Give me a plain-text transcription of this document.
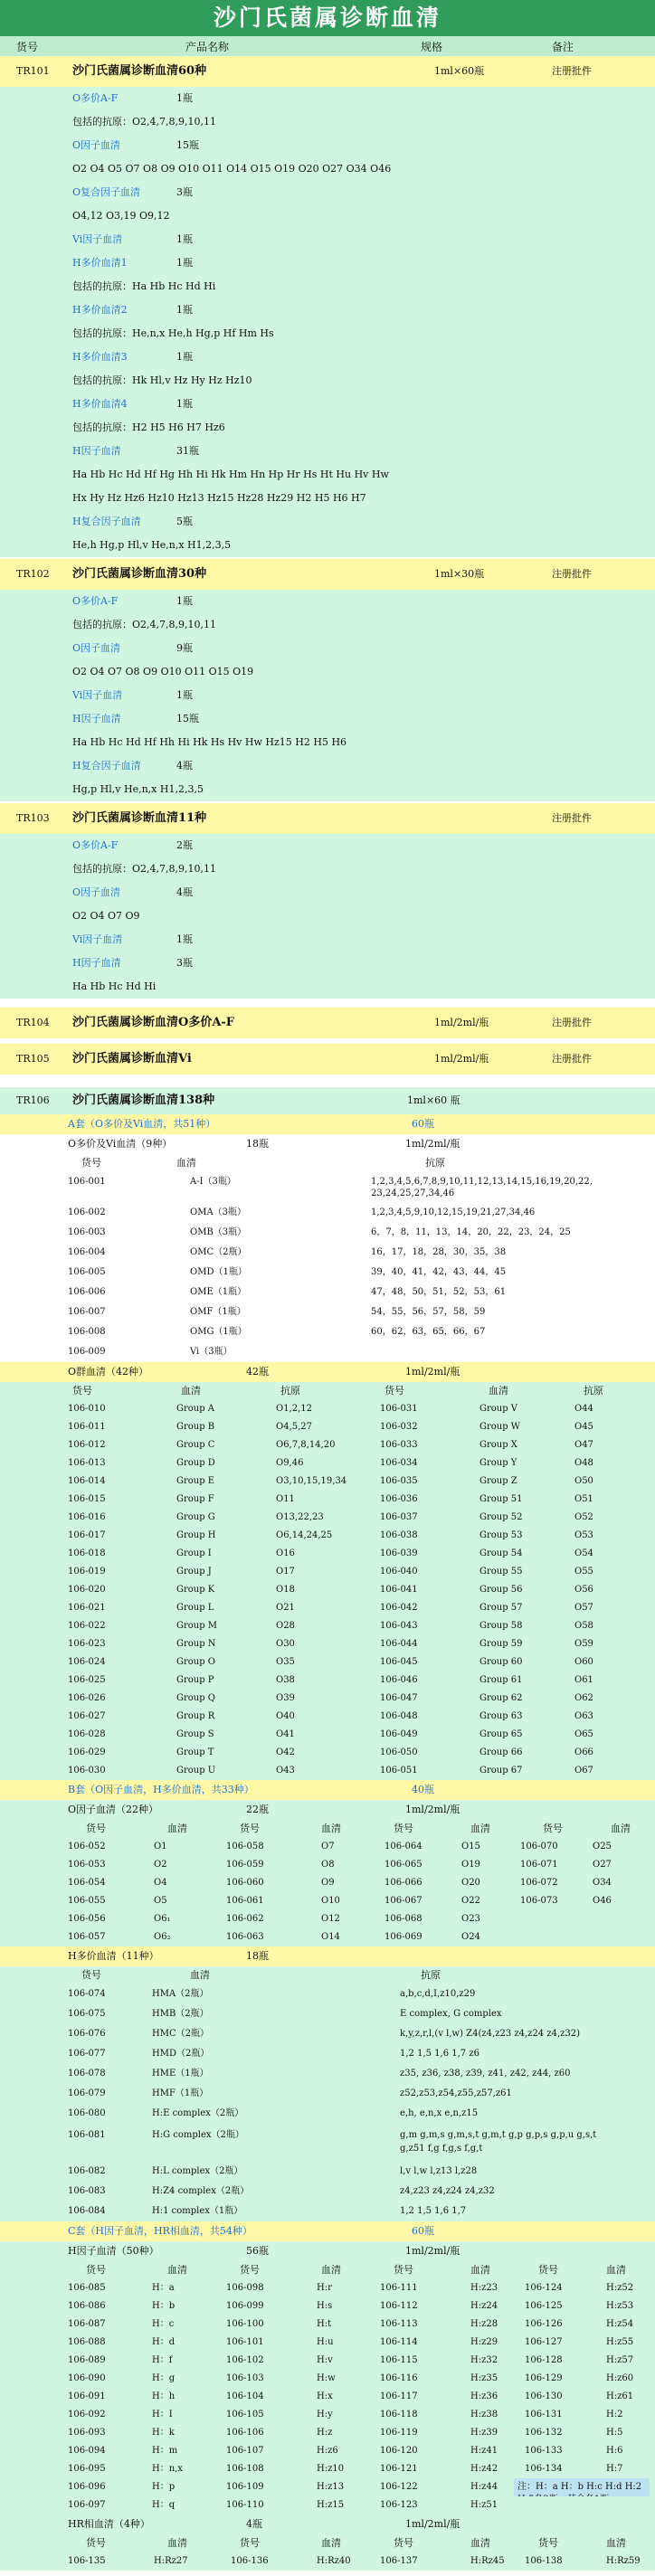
沙门氏菌属诊断血清
货号	产品名称	规格	备注
TR101 沙门氏菌属诊断血清60种	1ml×60瓶	注册批件
O多价A-F	1瓶
包括的抗原：O2,4,7,8,9,10,11
O因子血清	15瓶
O2 O4 O5 O7 O8 O9 O10 O11 O14 O15 O19 O20 O27 O34 O46
O复合因子血清	3瓶
O4,12 O3,19 O9,12
Vi因子血清	1瓶
H多价血清1	1瓶
包括的抗原：Ha Hb Hc Hd Hi
H多价血清2	1瓶
包括的抗原：He,n,x He,h Hg,p Hf Hm Hs
H多价血清3	1瓶
包括的抗原：Hk Hl,v Hz Hy Hz Hz10
H多价血清4	1瓶
包括的抗原：H2 H5 H6 H7 Hz6
H因子血清	31瓶
Ha Hb Hc Hd Hf Hg Hh Hi Hk Hm Hn Hp Hr Hs Ht Hu Hv Hw
Hx Hy Hz Hz6 Hz10 Hz13 Hz15 Hz28 Hz29 H2 H5 H6 H7
H复合因子血清	5瓶
He,h Hg,p Hl,v He,n,x H1,2,3,5
TR102 沙门氏菌属诊断血清30种	1ml×30瓶	注册批件
O多价A-F	1瓶
包括的抗原：O2,4,7,8,9,10,11
O因子血清	9瓶
O2 O4 O7 O8 O9 O10 O11 O15 O19
Vi因子血清	1瓶
H因子血清	15瓶
Ha Hb Hc Hd Hf Hh Hi Hk Hs Hv Hw Hz15 H2 H5 H6
H复合因子血清	4瓶
Hg,p Hl,v He,n,x H1,2,3,5
TR103 沙门氏菌属诊断血清11种	注册批件
O多价A-F	2瓶
包括的抗原：O2,4,7,8,9,10,11
O因子血清	4瓶
O2 O4 O7 O9
Vi因子血清	1瓶
H因子血清	3瓶
Ha Hb Hc Hd Hi
TR104 沙门氏菌属诊断血清O多价A-F	1ml/2ml/瓶	注册批件
TR105 沙门氏菌属诊断血清Vi	1ml/2ml/瓶	注册批件
TR106 沙门氏菌属诊断血清138种	1ml×60 瓶
A套（O多价及Vi血清，共51种）	60瓶
O多价及Vi血清（9种）	18瓶	1ml/2ml/瓶
货号	血清	抗原
106-001	A-I（3瓶）	1,2,3,4,5,6,7,8,9,10,11,12,13,14,15,16,19,20,22,
23,24,25,27,34,46
106-002	OMA（3瓶）	1,2,3,4,5,9,10,12,15,19,21,27,34,46
106-003	OMB（3瓶）	6，7，8，11，13，14，20，22，23，24，25
106-004	OMC（2瓶）	16，17，18，28，30，35，38
106-005	OMD（1瓶）	39，40，41，42，43，44，45
106-006	OME（1瓶）	47，48，50，51，52，53，61
106-007	OMF（1瓶）	54，55，56，57，58，59
106-008	OMG（1瓶）	60，62，63，65，66，67
106-009	Vi（3瓶）
O群血清（42种）	42瓶	1ml/2ml/瓶
货号	血清	抗原	货号	血清	抗原
106-010	Group A	O1,2,12	106-031	Group V	O44
106-011	Group B	O4,5,27	106-032	Group W	O45
106-012	Group C	O6,7,8,14,20	106-033	Group X	O47
106-013	Group D	O9,46	106-034	Group Y	O48
106-014	Group E	O3,10,15,19,34	106-035	Group Z	O50
106-015	Group F	O11	106-036	Group 51	O51
106-016	Group G	O13,22,23	106-037	Group 52	O52
106-017	Group H	O6,14,24,25	106-038	Group 53	O53
106-018	Group I	O16	106-039	Group 54	O54
106-019	Group J	O17	106-040	Group 55	O55
106-020	Group K	O18	106-041	Group 56	O56
106-021	Group L	O21	106-042	Group 57	O57
106-022	Group M	O28	106-043	Group 58	O58
106-023	Group N	O30	106-044	Group 59	O59
106-024	Group O	O35	106-045	Group 60	O60
106-025	Group P	O38	106-046	Group 61	O61
106-026	Group Q	O39	106-047	Group 62	O62
106-027	Group R	O40	106-048	Group 63	O63
106-028	Group S	O41	106-049	Group 65	O65
106-029	Group T	O42	106-050	Group 66	O66
106-030	Group U	O43	106-051	Group 67	O67
B套（O因子血清，H多价血清，共33种）	40瓶
O因子血清（22种）	22瓶	1ml/2ml/瓶
货号	血清	货号	血清	货号	血清	货号	血清
106-052	O1	106-058	O7	106-064	O15	106-070	O25
106-053	O2	106-059	O8	106-065	O19	106-071	O27
106-054	O4	106-060	O9	106-066	O20	106-072	O34
106-055	O5	106-061	O10	106-067	O22	106-073	O46
106-056	O6₁	106-062	O12	106-068	O23
106-057	O6₂	106-063	O14	106-069	O24
H多价血清（11种）	18瓶
货号	血清	抗原
106-074	HMA（2瓶）	a,b,c,d,I,z10,z29
106-075	HMB（2瓶）	E complex, G complex
106-076	HMC（2瓶）	k,y,z,r,l,(v l,w) Z4(z4,z23 z4,z24 z4,z32)
106-077	HMD（2瓶）	1,2 1,5 1,6 1,7 z6
106-078	HME（1瓶）	z35, z36, z38, z39, z41, z42, z44, z60
106-079	HMF（1瓶）	z52,z53,z54,z55,z57,z61
106-080	H:E complex（2瓶）	e,h, e,n,x e,n,z15
106-081	H:G complex（2瓶）	g,m g,m,s g,m,s,t g,m,t g,p g,p,s g,p,u g,s,t
g,z51 f,g f,g,s f,g,t
106-082	H:L complex（2瓶）	l,v l,w l,z13 l,z28
106-083	H:Z4 complex（2瓶）	z4,z23 z4,z24 z4,z32
106-084	H:1 complex（1瓶）	1,2 1,5 1,6 1,7
C套（H因子血清，HR相血清，共54种）	60瓶
H因子血清（50种）	56瓶	1ml/2ml/瓶
货号	血清	货号	血清	货号	血清	货号	血清
106-085	H：a	106-098	H:r	106-111	H:z23	106-124	H:z52
106-086	H：b	106-099	H:s	106-112	H:z24	106-125	H:z53
106-087	H：c	106-100	H:t	106-113	H:z28	106-126	H:z54
106-088	H：d	106-101	H:u	106-114	H:z29	106-127	H:z55
106-089	H：f	106-102	H:v	106-115	H:z32	106-128	H:z57
106-090	H：g	106-103	H:w	106-116	H:z35	106-129	H:z60
106-091	H：h	106-104	H:x	106-117	H:z36	106-130	H:z61
106-092	H：I	106-105	H:y	106-118	H:z38	106-131	H:2
106-093	H：k	106-106	H:z	106-119	H:z39	106-132	H:5
106-094	H：m	106-107	H:z6	106-120	H:z41	106-133	H:6
106-095	H：n,x	106-108	H:z10	106-121	H:z42	106-134	H:7
106-096	H：p	106-109	H:z13	106-122	H:z44	注：H：a H：b H:c H:d H:2
106-097	H：q	106-110	H:z15	106-123	H:z51
HR相血清（4种）	4瓶	1ml/2ml/瓶
货号	血清	货号	血清	货号	血清	货号	血清
106-135	H:Rz27	106-136	H:Rz40	106-137	H:Rz45 106-138	H:Rz59
